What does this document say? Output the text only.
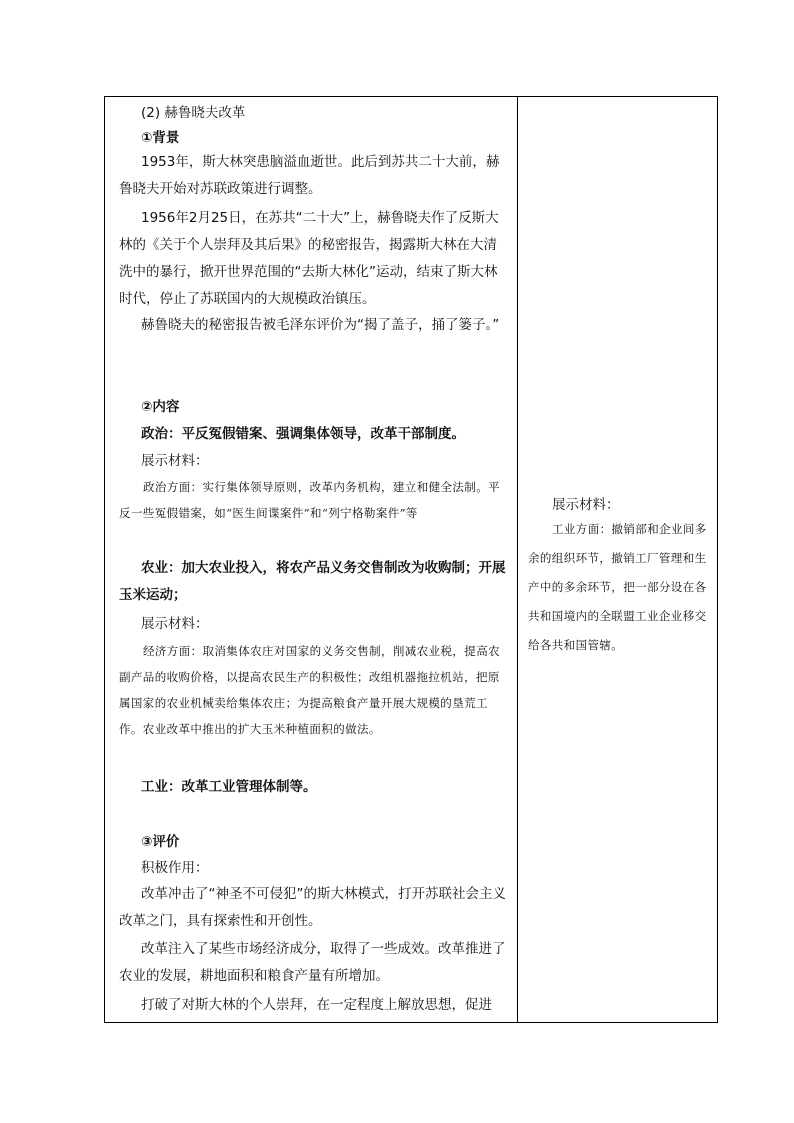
(2) 赫鲁晓夫改革
①背景
1953年，斯大林突患脑溢血逝世。此后到苏共二十大前，赫鲁晓夫开始对苏联政策进行调整。
1956年2月25日，在苏共“二十大”上，赫鲁晓夫作了反斯大林的《关于个人崇拜及其后果》的秘密报告，揭露斯大林在大清洗中的暴行，掀开世界范围的“去斯大林化”运动，结束了斯大林时代，停止了苏联国内的大规模政治镇压。
赫鲁晓夫的秘密报告被毛泽东评价为“揭了盖子，捅了篓子。”
②内容
政治：平反冤假错案、强调集体领导，改革干部制度。
展示材料：
政治方面：实行集体领导原则，改革内务机构，建立和健全法制。平反一些冤假错案，如“医生间谍案件”和“列宁格勒案件”等
农业：加大农业投入，将农产品义务交售制改为收购制；开展玉米运动；
展示材料：
经济方面：取消集体农庄对国家的义务交售制，削减农业税，提高农副产品的收购价格，以提高农民生产的积极性；改组机器拖拉机站，把原属国家的农业机械卖给集体农庄；为提高粮食产量开展大规模的垦荒工作。农业改革中推出的扩大玉米种植面积的做法。
工业：改革工业管理体制等。
③评价
积极作用：
改革冲击了“神圣不可侵犯”的斯大林模式，打开苏联社会主义改革之门，具有探索性和开创性。
改革注入了某些市场经济成分，取得了一些成效。改革推进了农业的发展，耕地面积和粮食产量有所增加。
打破了对斯大林的个人崇拜，在一定程度上解放思想，促进
展示材料：
工业方面：撤销部和企业间多余的组织环节，撤销工厂管理和生产中的多余环节，把一部分设在各共和国境内的全联盟工业企业移交给各共和国管辖。
